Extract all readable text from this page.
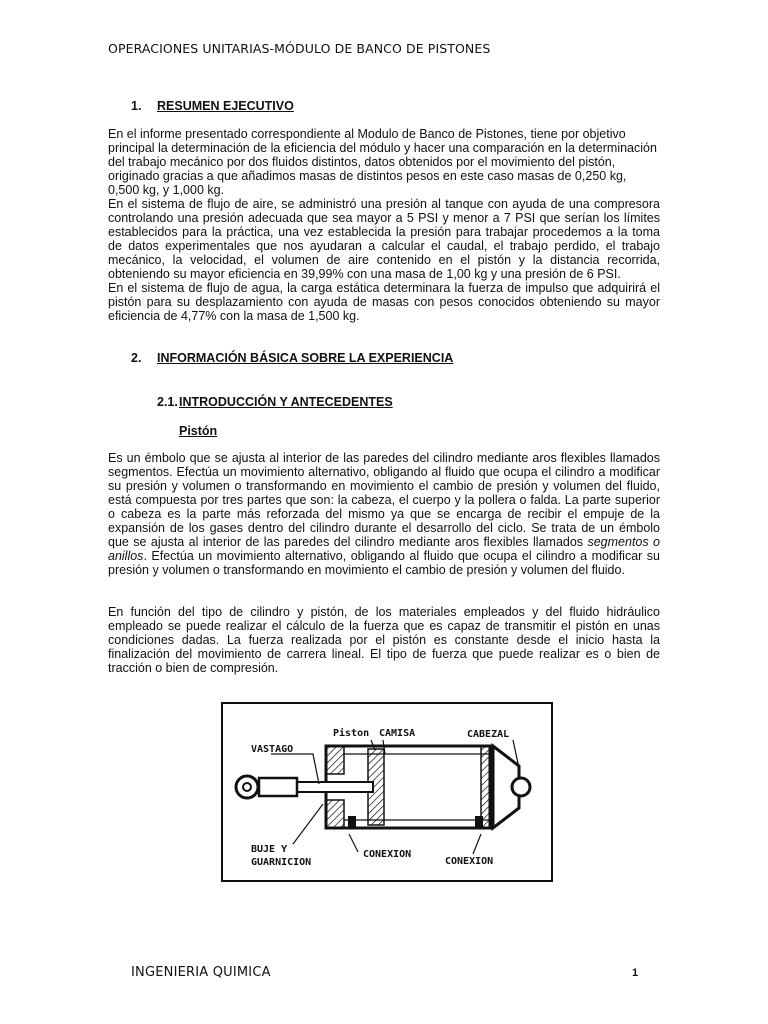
OPERACIONES UNITARIAS-MÓDULO DE BANCO DE PISTONES
1. RESUMEN EJECUTIVO

En el informe presentado correspondiente al Modulo de Banco de Pistones, tiene por objetivo principal la determinación de la eficiencia del módulo y hacer una comparación en la determinación del trabajo mecánico por dos fluidos distintos, datos obtenidos por el movimiento del pistón, originado gracias a que añadimos masas de distintos pesos en este caso masas de 0,250 kg, 0,500 kg, y 1,000 kg.

En el sistema de flujo de aire, se administró una presión al tanque con ayuda de una compresora controlando una presión adecuada que sea mayor a 5 PSI y menor a 7 PSI que serían los límites establecidos para la práctica, una vez establecida la presión para trabajar procedemos a la toma de datos experimentales que nos ayudaran a calcular el caudal, el trabajo perdido, el trabajo mecánico, la velocidad, el volumen de aire contenido en el pistón y la distancia recorrida, obteniendo su mayor eficiencia en 39,99% con una masa de 1,00 kg y una presión de 6 PSI.

En el sistema de flujo de agua, la carga estática determinara la fuerza de impulso que adquirirá el pistón para su desplazamiento con ayuda de masas con pesos conocidos obteniendo su mayor eficiencia de 4,77% con la masa de 1,500 kg.

2. INFORMACIÓN BÁSICA SOBRE LA EXPERIENCIA
2.1.INTRODUCCIÓN Y ANTECEDENTES
Pistón

Es un émbolo que se ajusta al interior de las paredes del cilindro mediante aros flexibles llamados segmentos. Efectúa un movimiento alternativo, obligando al fluido que ocupa el cilindro a modificar su presión y volumen o transformando en movimiento el cambio de presión y volumen del fluido, está compuesta por tres partes que son: la cabeza, el cuerpo y la pollera o falda. La parte superior o cabeza es la parte más reforzada del mismo ya que se encarga de recibir el empuje de la expansión de los gases dentro del cilindro durante el desarrollo del ciclo. Se trata de un émbolo que se ajusta al interior de las paredes del cilindro mediante aros flexibles llamados segmentos o anillos. Efectúa un movimiento alternativo, obligando al fluido que ocupa el cilindro a modificar su presión y volumen o transformando en movimiento el cambio de presión y volumen del fluido.

En función del tipo de cilindro y pistón, de los materiales empleados y del fluido hidráulico empleado se puede realizar el cálculo de la fuerza que es capaz de transmitir el pistón en unas condiciones dadas. La fuerza realizada por el pistón es constante desde el inicio hasta la finalización del movimiento de carrera lineal. El tipo de fuerza que puede realizar es o bien de tracción o bien de compresión.

Piston CAMISA	CABEZAL
VASTAGO
BUJE Y
GUARNICION
CONEXION
CONEXION
INGENIERIA QUIMICA	1
